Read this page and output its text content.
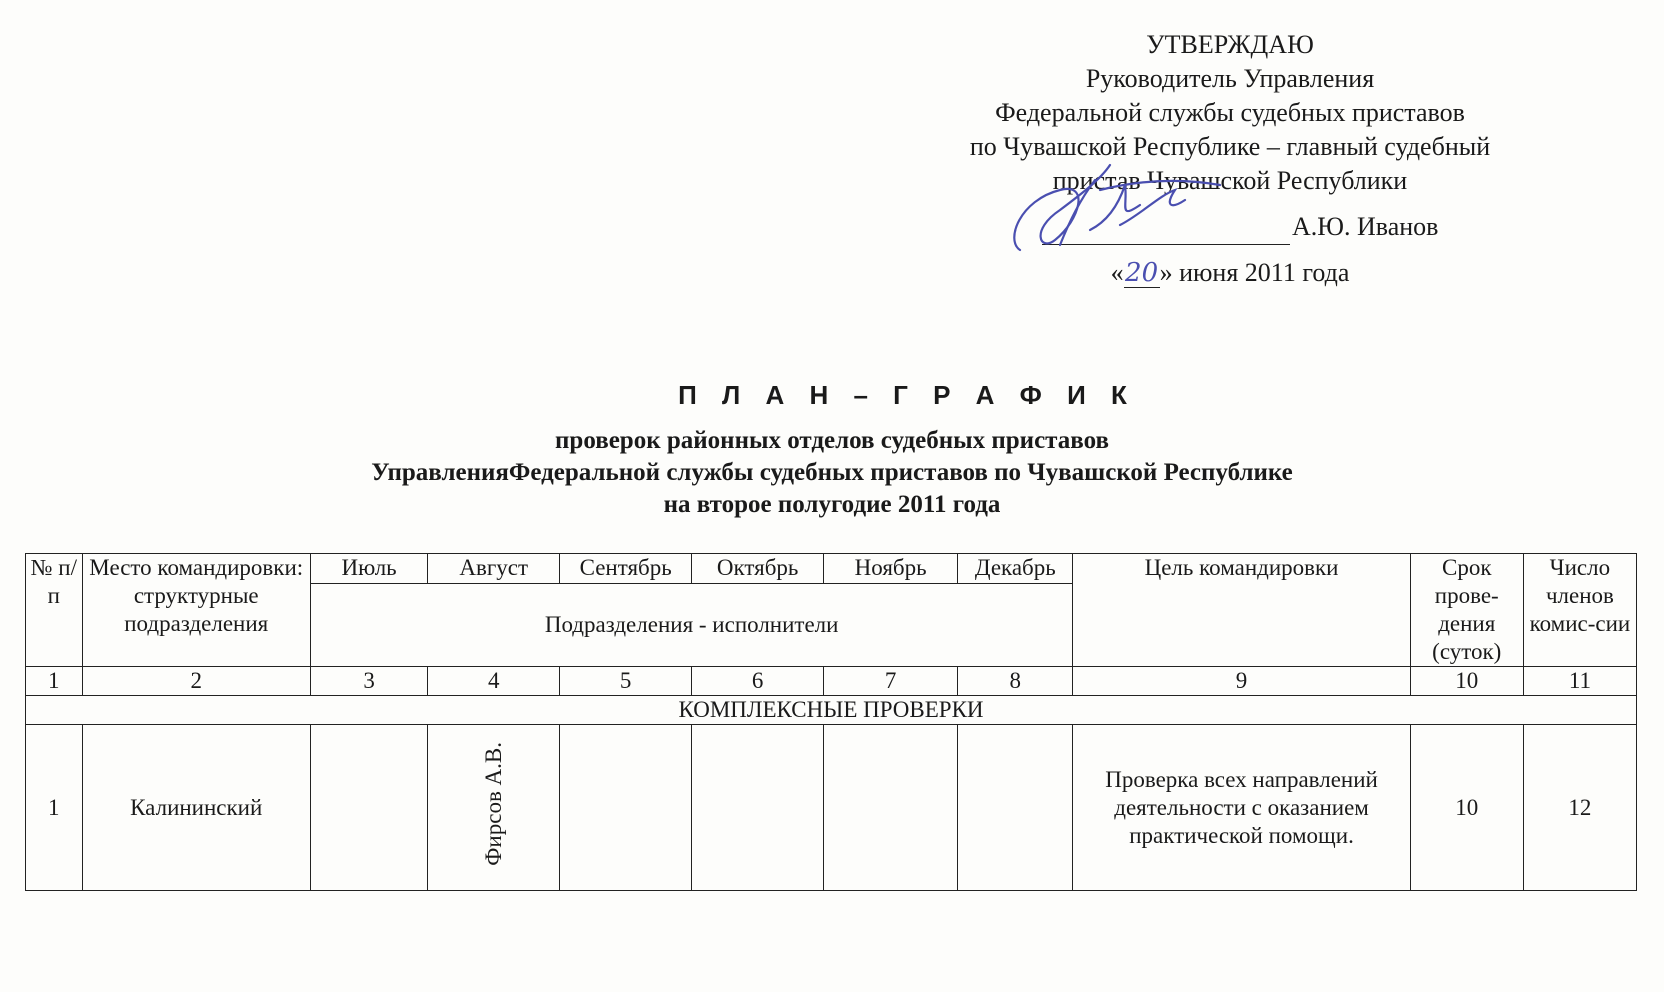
УТВЕРЖДАЮ
Руководитель Управления
Федеральной службы судебных приставов
по Чувашской Республике – главный судебный
пристав Чувашской Республики
А.Ю. Иванов
«20» июня 2011 года
П Л А Н – Г Р А Ф И К
проверок районных отделов судебных приставов
УправленияФедеральной службы судебных приставов по Чувашской Республике
на второе полугодие 2011 года
№ п/п	Место командировки: структурные подразделения	Июль	Август	Сентябрь	Октябрь	Ноябрь	Декабрь	Цель командировки	Срок прове-дения (суток)	Число членов комис-сии
		Подразделения - исполнители								
1	2	3	4	5	6	7	8	9	10	11
КОМПЛЕКСНЫЕ ПРОВЕРКИ										
1	Калининский		Фирсов А.В.					Проверка всех направлений деятельности с оказанием практической помощи.	10	12
